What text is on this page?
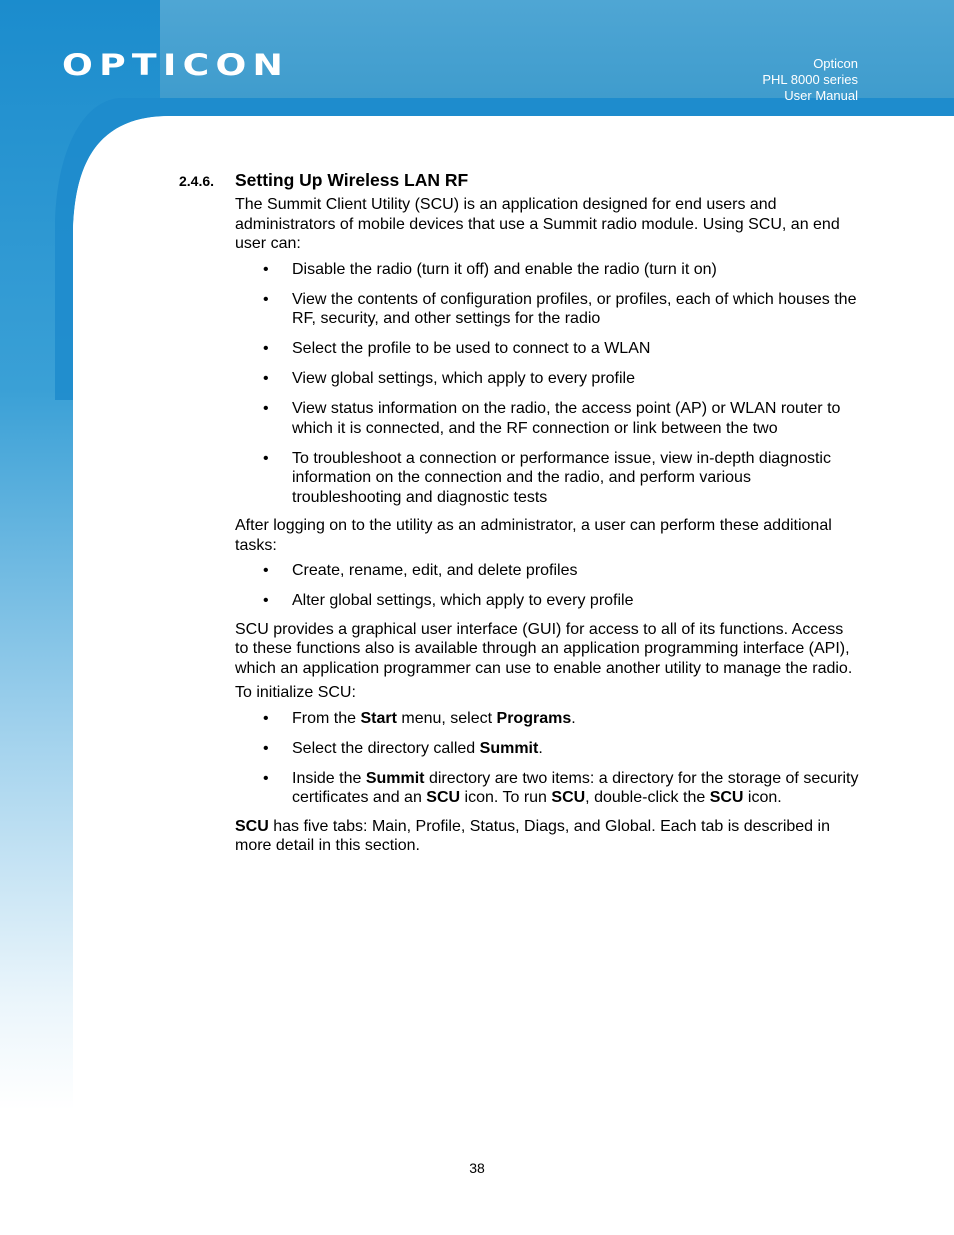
OPTICON	Opticon
PHL 8000 series
User Manual
2.4.6. Setting Up Wireless LAN RF

The Summit Client Utility (SCU) is an application designed for end users and administrators of mobile devices that use a Summit radio module. Using SCU, an end user can:

• Disable the radio (turn it off) and enable the radio (turn it on)
• View the contents of configuration profiles, or profiles, each of which houses the RF, security, and other settings for the radio
• Select the profile to be used to connect to a WLAN
• View global settings, which apply to every profile
• View status information on the radio, the access point (AP) or WLAN router to which it is connected, and the RF connection or link between the two
• To troubleshoot a connection or performance issue, view in-depth diagnostic information on the connection and the radio, and perform various troubleshooting and diagnostic tests

After logging on to the utility as an administrator, a user can perform these additional tasks:

• Create, rename, edit, and delete profiles
• Alter global settings, which apply to every profile

SCU provides a graphical user interface (GUI) for access to all of its functions. Access to these functions also is available through an application programming interface (API), which an application programmer can use to enable another utility to manage the radio.

To initialize SCU:

• From the Start menu, select Programs.
• Select the directory called Summit.
• Inside the Summit directory are two items: a directory for the storage of security certificates and an SCU icon. To run SCU, double-click the SCU icon.

SCU has five tabs: Main, Profile, Status, Diags, and Global. Each tab is described in more detail in this section.

38
